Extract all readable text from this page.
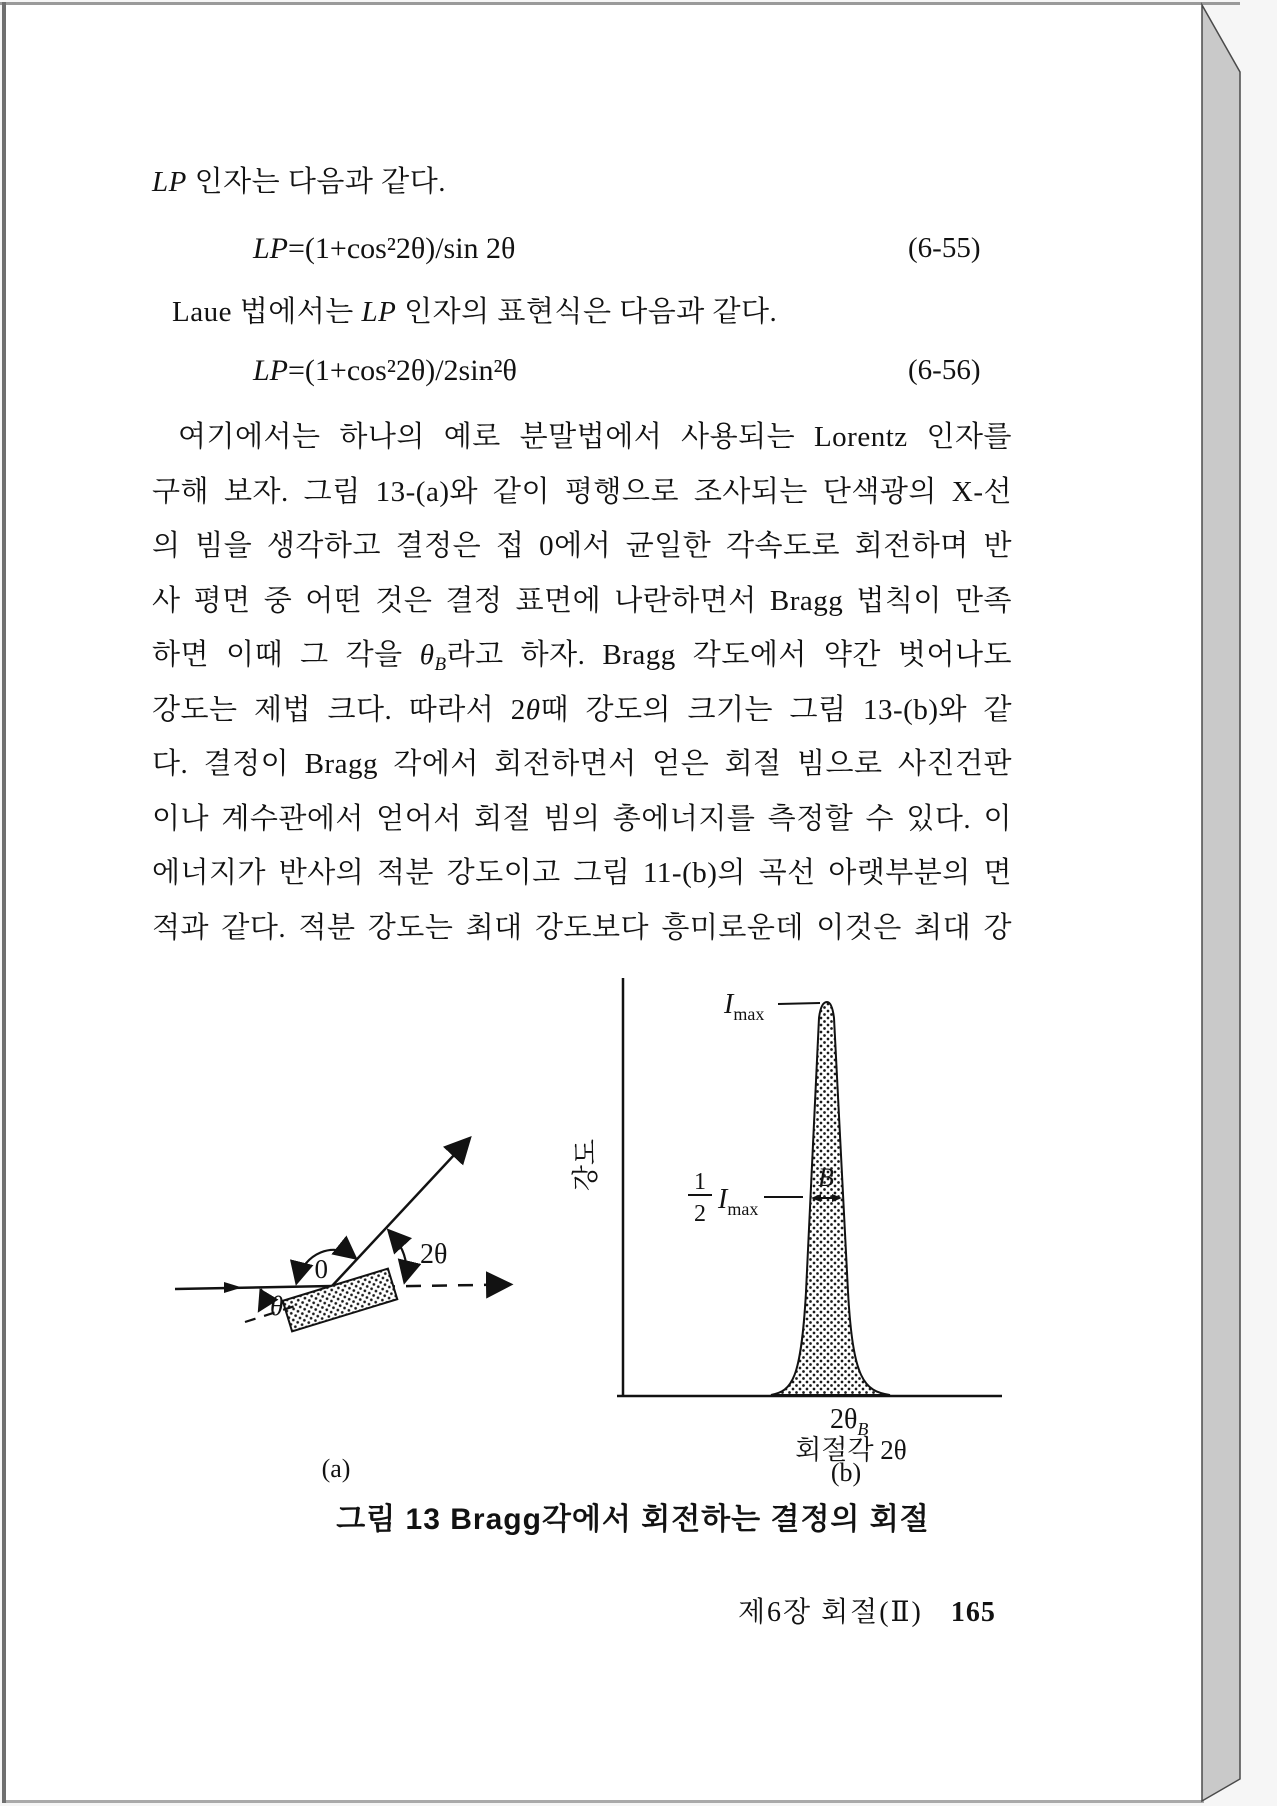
LP 인자는 다음과 같다.
LP=(1+cos²2θ)/sin 2θ	(6-55)
Laue 법에서는 LP 인자의 표현식은 다음과 같다.
LP=(1+cos²2θ)/2sin²θ	(6-56)
여기에서는 하나의 예로 분말법에서 사용되는 Lorentz 인자를
구해 보자. 그림 13-(a)와 같이 평행으로 조사되는 단색광의 X-선
의 빔을 생각하고 결정은 접 0에서 균일한 각속도로 회전하며 반
사 평면 중 어떤 것은 결정 표면에 나란하면서 Bragg 법칙이 만족
하면 이때 그 각을 $\theta_B$라고 하자. Bragg 각도에서 약간 벗어나도
강도는 제법 크다. 따라서 2θ때 강도의 크기는 그림 13-(b)와 같
다. 결정이 Bragg 각에서 회전하면서 얻은 회절 빔으로 사진건판
이나 계수관에서 얻어서 회절 빔의 총에너지를 측정할 수 있다. 이
에너지가 반사의 적분 강도이고 그림 11-(b)의 곡선 아랫부분의 면
적과 같다. 적분 강도는 최대 강도보다 흥미로운데 이것은 최대 강
0	2θ
θ
(a)
$I_{max}$
1
2 $I_{max}$
B
강도
$2\theta_B$
회절각 2θ
(b)
그림 13 Bragg각에서 회전하는 결정의 회절
제6장 회절(Ⅱ) 165
